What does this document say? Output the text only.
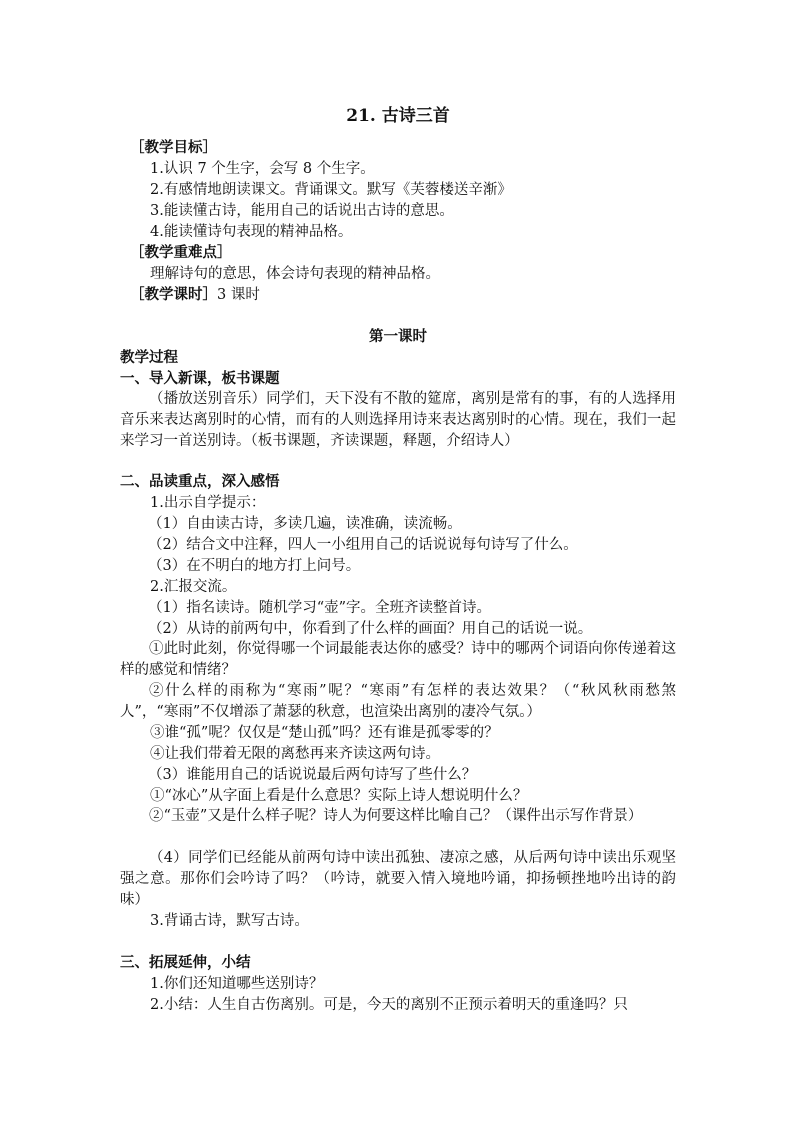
21. 古诗三首
［教学目标］
1.认识 7 个生字，会写 8 个生字。
2.有感情地朗读课文。背诵课文。默写《芙蓉楼送辛渐》
3.能读懂古诗，能用自己的话说出古诗的意思。
4.能读懂诗句表现的精神品格。
［教学重难点］
理解诗句的意思，体会诗句表现的精神品格。
［教学课时］3 课时
第一课时
教学过程
一、导入新课，板书课题
（播放送别音乐）同学们，天下没有不散的筵席，离别是常有的事，有的人选择用音乐来表达离别时的心情，而有的人则选择用诗来表达离别时的心情。现在，我们一起来学习一首送别诗。（板书课题，齐读课题，释题，介绍诗人）
二、品读重点，深入感悟
1.出示自学提示：
（1）自由读古诗，多读几遍，读准确，读流畅。
（2）结合文中注释，四人一小组用自己的话说说每句诗写了什么。
（3）在不明白的地方打上问号。
2.汇报交流。
（1）指名读诗。随机学习“壶”字。全班齐读整首诗。
（2）从诗的前两句中，你看到了什么样的画面？用自己的话说一说。
①此时此刻，你觉得哪一个词最能表达你的感受？诗中的哪两个词语向你传递着这样的感觉和情绪？
②什么样的雨称为“寒雨”呢？“寒雨”有怎样的表达效果？（“秋风秋雨愁煞人”，“寒雨”不仅增添了萧瑟的秋意，也渲染出离别的凄冷气氛。）
③谁“孤”呢？仅仅是“楚山孤”吗？还有谁是孤零零的？
④让我们带着无限的离愁再来齐读这两句诗。
（3）谁能用自己的话说说最后两句诗写了些什么？
①“冰心”从字面上看是什么意思？实际上诗人想说明什么？
②“玉壶”又是什么样子呢？诗人为何要这样比喻自己？（课件出示写作背景）
（4）同学们已经能从前两句诗中读出孤独、凄凉之感，从后两句诗中读出乐观坚强之意。那你们会吟诗了吗？（吟诗，就要入情入境地吟诵，抑扬顿挫地吟出诗的韵味）
3.背诵古诗，默写古诗。
三、拓展延伸，小结
1.你们还知道哪些送别诗？
2.小结：人生自古伤离别。可是，今天的离别不正预示着明天的重逢吗？只
